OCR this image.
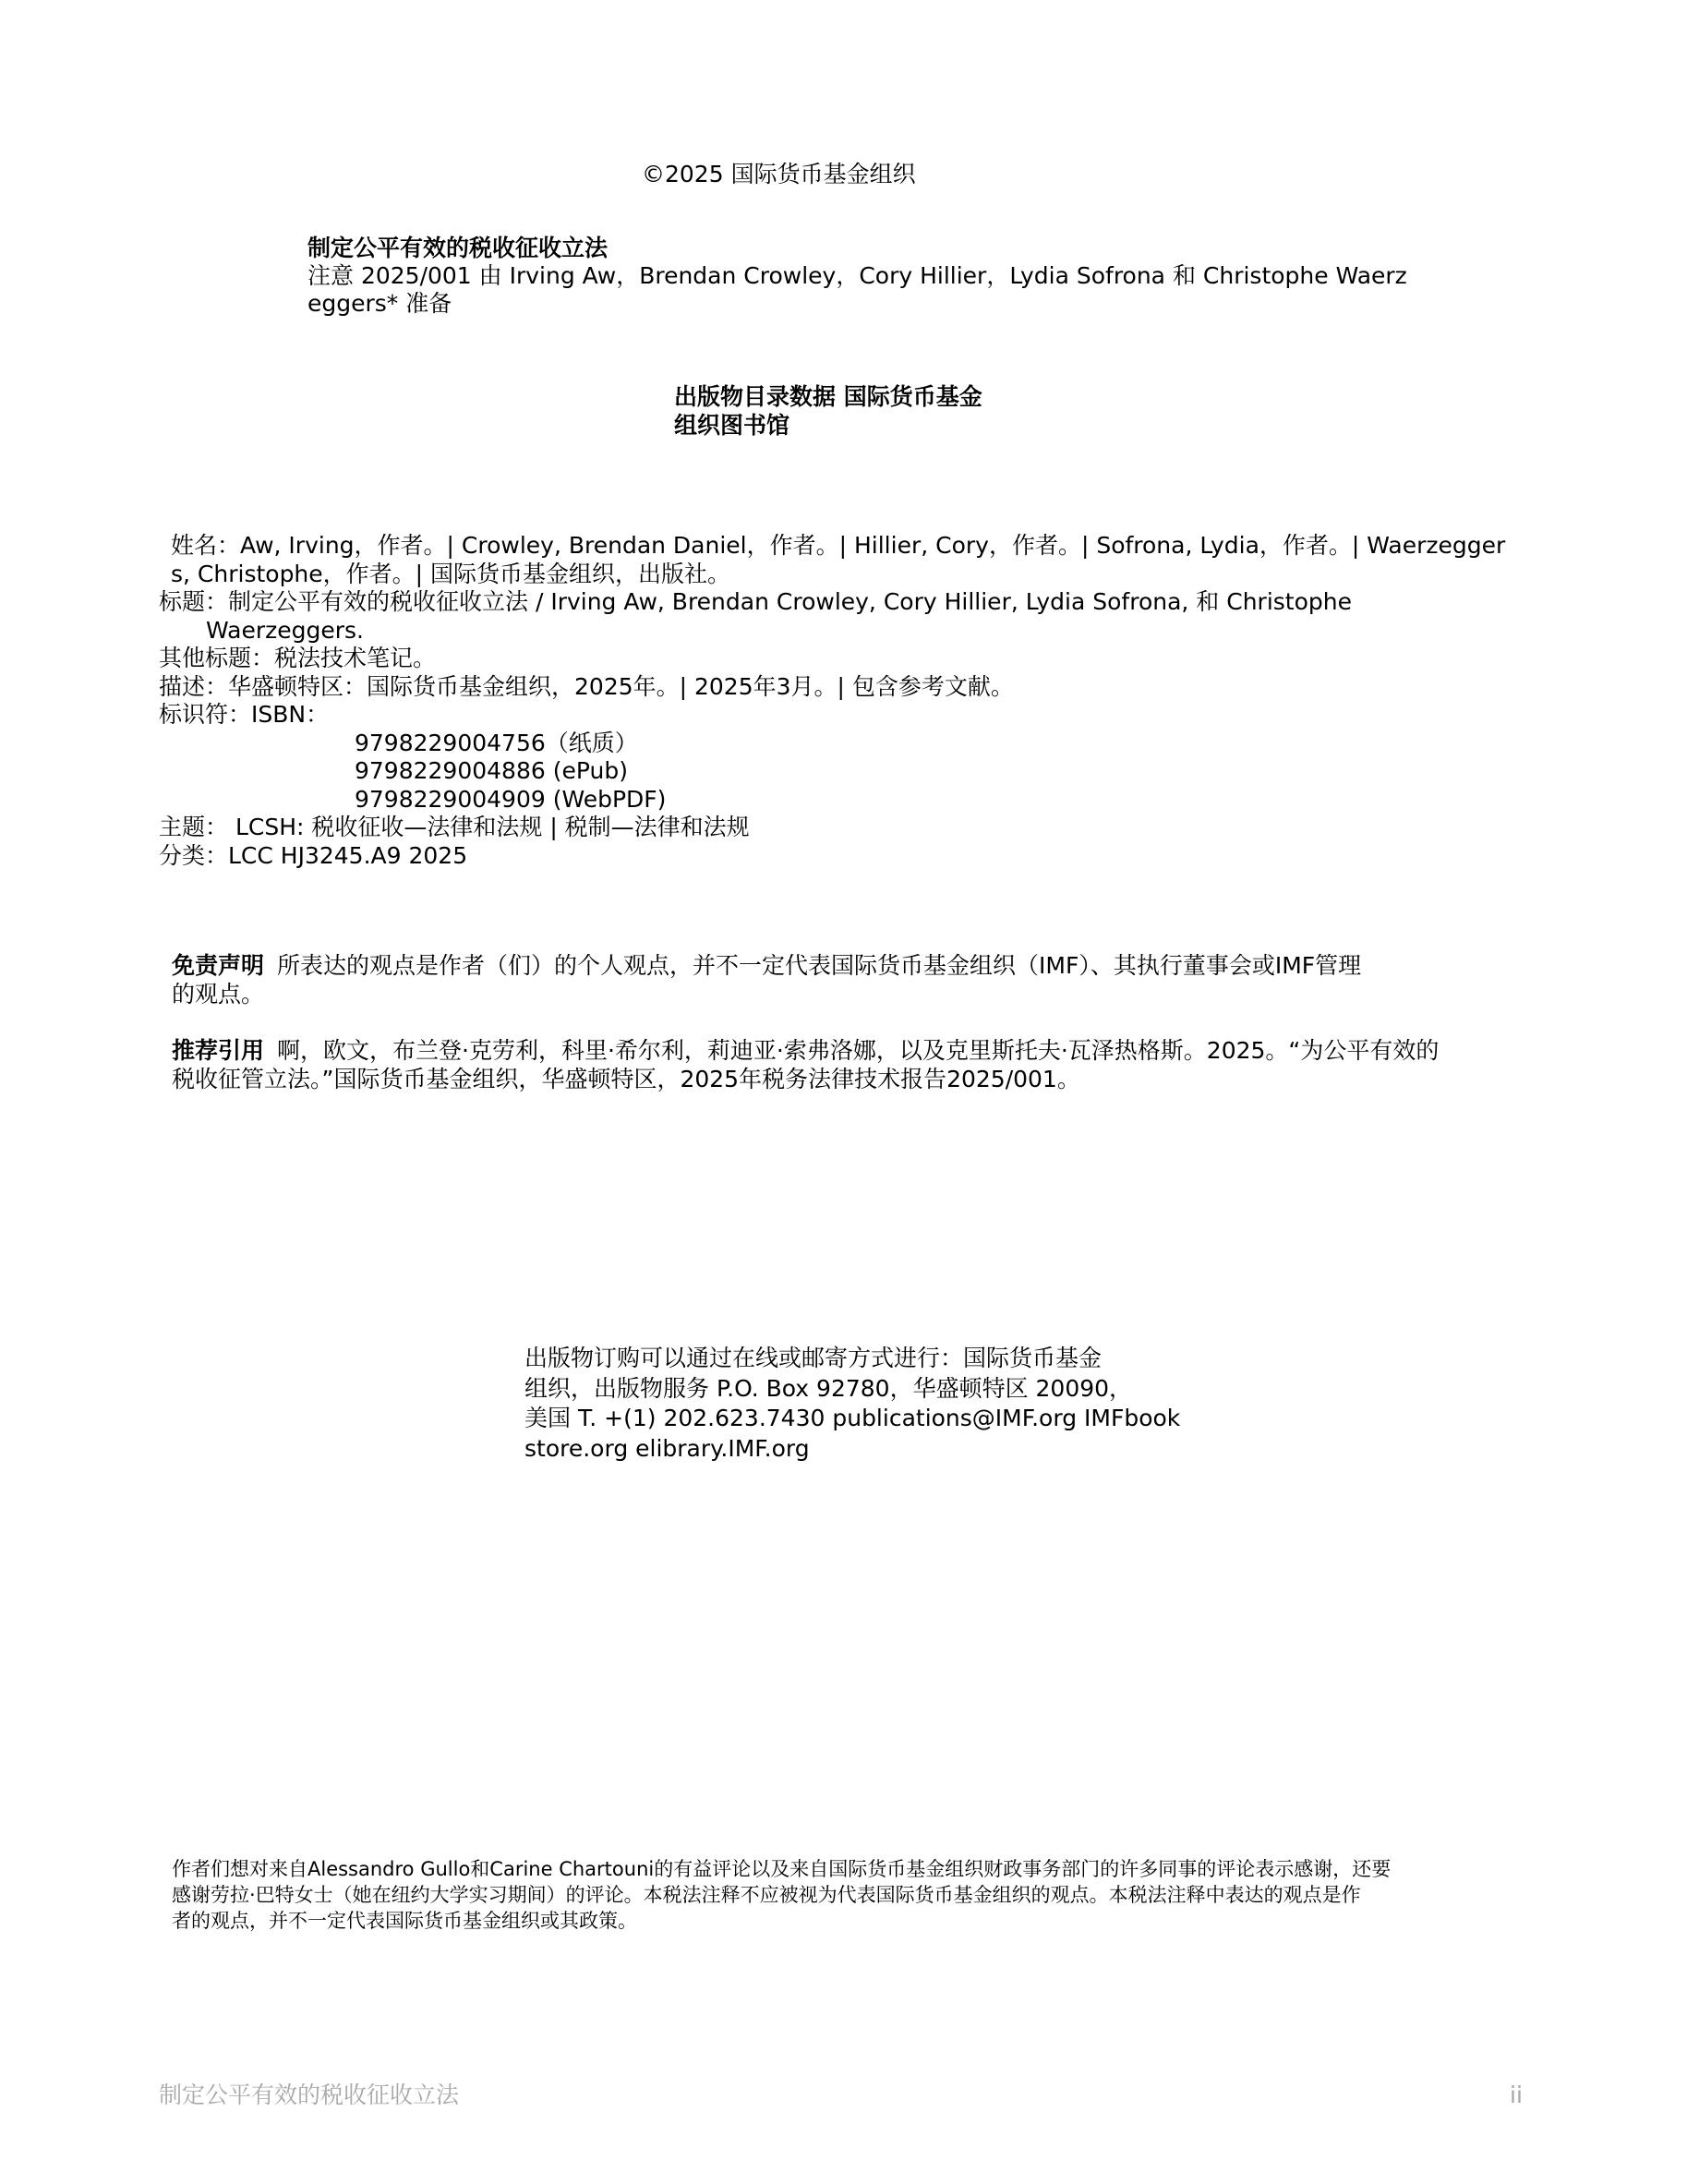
©2025 国际货币基金组织
制定公平有效的税收征收立法
注意 2025/001 由 Irving Aw，Brendan Crowley，Cory Hillier，Lydia Sofrona 和 Christophe Waerz
eggers* 准备
出版物目录数据 国际货币基金
组织图书馆
姓名：Aw, Irving，作者。| Crowley, Brendan Daniel，作者。| Hillier, Cory，作者。| Sofrona, Lydia，作者。| Waerzegger
s, Christophe，作者。| 国际货币基金组织，出版社。
标题：制定公平有效的税收征收立法 / Irving Aw, Brendan Crowley, Cory Hillier, Lydia Sofrona, 和 Christophe
Waerzeggers.
其他标题：税法技术笔记。
描述：华盛顿特区：国际货币基金组织，2025年。| 2025年3月。| 包含参考文献。
标识符：ISBN：
9798229004756（纸质）
9798229004886 (ePub)
9798229004909 (WebPDF)
主题： LCSH: 税收征收—法律和法规 | 税制—法律和法规
分类：LCC HJ3245.A9 2025
免责声明 所表达的观点是作者（们）的个人观点，并不一定代表国际货币基金组织（IMF）、其执行董事会或IMF管理
的观点。
推荐引用 啊，欧文，布兰登·克劳利，科里·希尔利，莉迪亚·索弗洛娜，以及克里斯托夫·瓦泽热格斯。2025。“为公平有效的
税收征管立法。”国际货币基金组织，华盛顿特区，2025年税务法律技术报告2025/001。
出版物订购可以通过在线或邮寄方式进行：国际货币基金
组织，出版物服务 P.O. Box 92780，华盛顿特区 20090，
美国 T. +(1) 202.623.7430 publications@IMF.org IMFbook
store.org elibrary.IMF.org
作者们想对来自Alessandro Gullo和Carine Chartouni的有益评论以及来自国际货币基金组织财政事务部门的许多同事的评论表示感谢，还要
感谢劳拉·巴特女士（她在纽约大学实习期间）的评论。本税法注释不应被视为代表国际货币基金组织的观点。本税法注释中表达的观点是作
者的观点，并不一定代表国际货币基金组织或其政策。
制定公平有效的税收征收立法	ii
